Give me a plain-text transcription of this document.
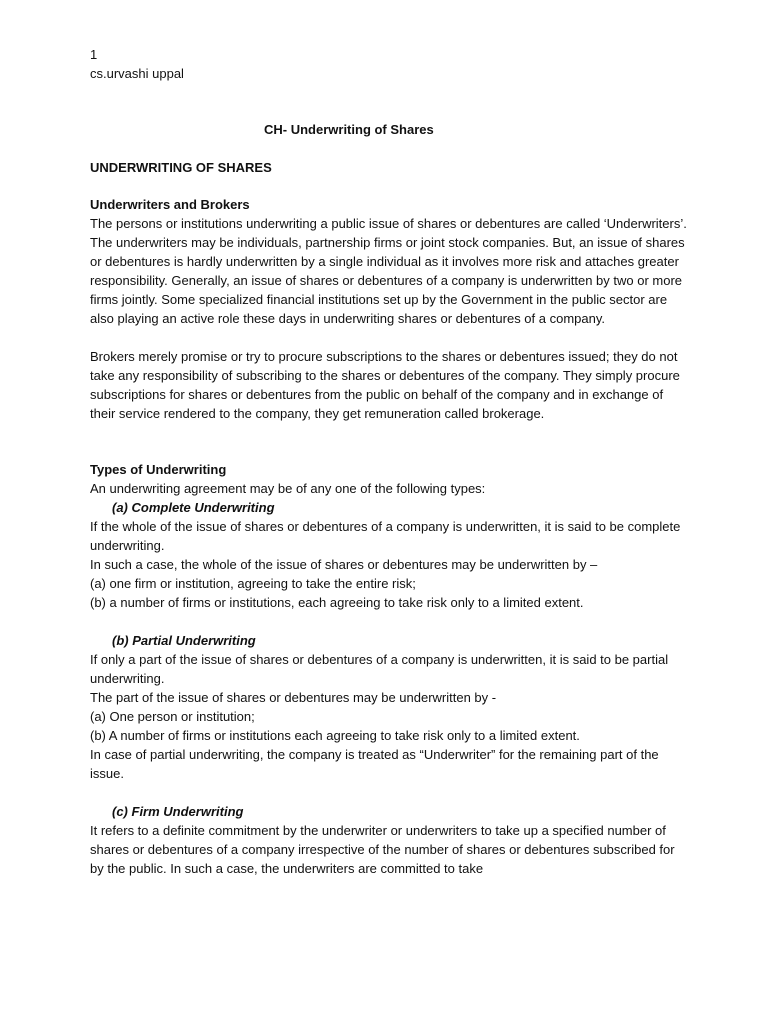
1

cs.urvashi uppal

CH- Underwriting of Shares

UNDERWRITING OF SHARES

Underwriters and Brokers

The persons or institutions underwriting a public issue of shares or debentures are called ‘Underwriters’. The underwriters may be individuals, partnership firms or joint stock companies. But, an issue of shares or debentures is hardly underwritten by a single individual as it involves more risk and attaches greater responsibility. Generally, an issue of shares or debentures of a company is underwritten by two or more firms jointly. Some specialized financial institutions set up by the Government in the public sector are also playing an active role these days in underwriting shares or debentures of a company.

Brokers merely promise or try to procure subscriptions to the shares or debentures issued; they do not take any responsibility of subscribing to the shares or debentures of the company. They simply procure subscriptions for shares or debentures from the public on behalf of the company and in exchange of their service rendered to the company, they get remuneration called brokerage.

Types of Underwriting

An underwriting agreement may be of any one of the following types:

(a) Complete Underwriting

If the whole of the issue of shares or debentures of a company is underwritten, it is said to be complete underwriting.

In such a case, the whole of the issue of shares or debentures may be underwritten by –

(a) one firm or institution, agreeing to take the entire risk;

(b) a number of firms or institutions, each agreeing to take risk only to a limited extent.

(b) Partial Underwriting

If only a part of the issue of shares or debentures of a company is underwritten, it is said to be partial underwriting.

The part of the issue of shares or debentures may be underwritten by -

(a) One person or institution;

(b) A number of firms or institutions each agreeing to take risk only to a limited extent.

In case of partial underwriting, the company is treated as “Underwriter” for the remaining part of the issue.

(c) Firm Underwriting

It refers to a definite commitment by the underwriter or underwriters to take up a specified number of shares or debentures of a company irrespective of the number of shares or debentures subscribed for by the public. In such a case, the underwriters are committed to take
